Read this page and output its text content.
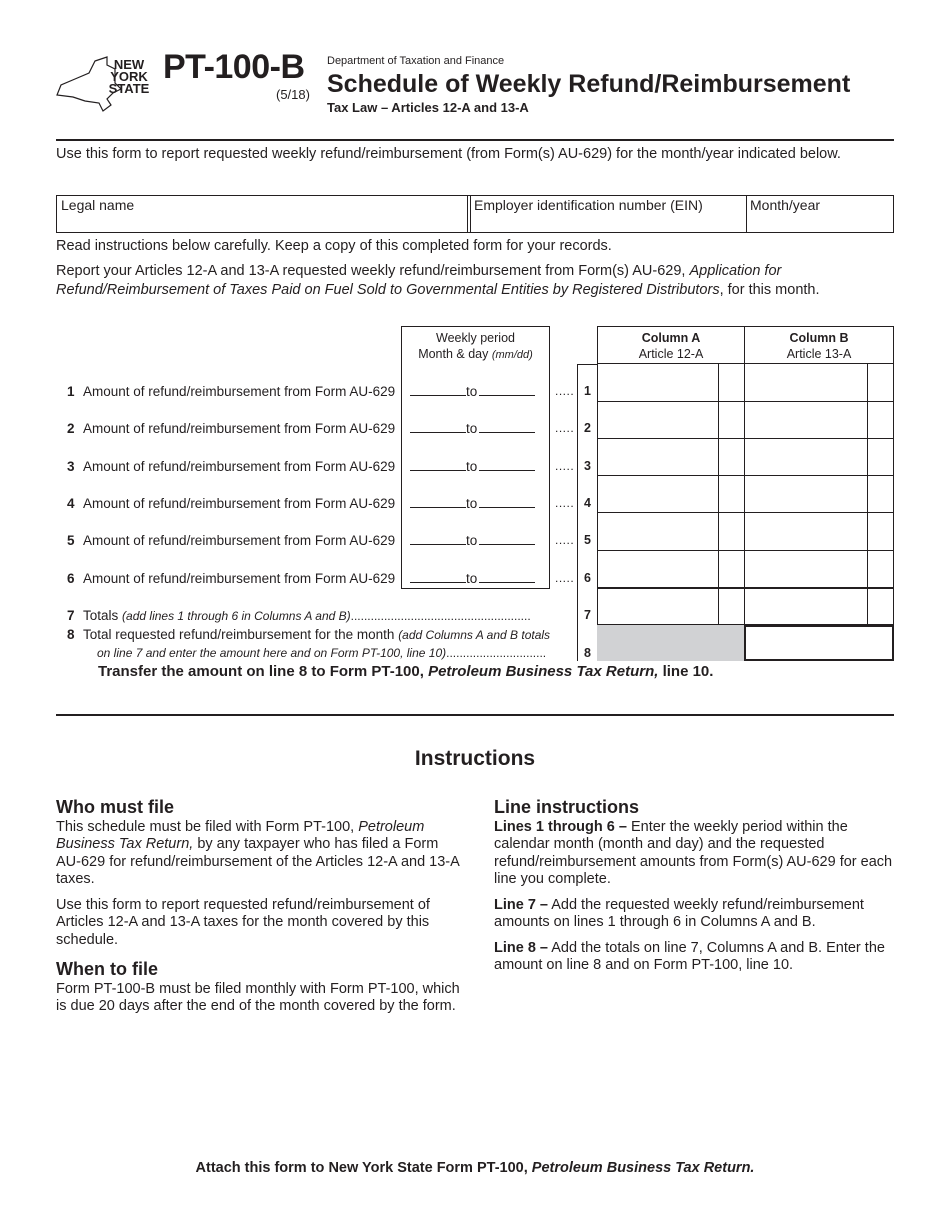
NEW
YORK
STATE
PT-100-B
(5/18)
Department of Taxation and Finance
Schedule of Weekly Refund/Reimbursement
Tax Law – Articles 12-A and 13-A
Use this form to report requested weekly refund/reimbursement (from Form(s) AU-629) for the month/year indicated below.
Legal name	Employer identification number (EIN)	Month/year
Read instructions below carefully. Keep a copy of this completed form for your records.
Report your Articles 12-A and 13-A requested weekly refund/reimbursement from Form(s) AU-629, Application for Refund/Reimbursement of Taxes Paid on Fuel Sold to Governmental Entities by Registered Distributors, for this month.
Weekly period
Month & day (mm/dd)
Column A
Article 12-A
Column B
Article 13-A
1 Amount of refund/reimbursement from Form AU-629	to	..... 1
2 Amount of refund/reimbursement from Form AU-629	to	..... 2
3 Amount of refund/reimbursement from Form AU-629	to	..... 3
4 Amount of refund/reimbursement from Form AU-629	to	..... 4
5 Amount of refund/reimbursement from Form AU-629	to	..... 5
6 Amount of refund/reimbursement from Form AU-629	to	..... 6
7 Totals (add lines 1 through 6 in Columns A and B)......................................................	7
8 Total requested refund/reimbursement for the month (add Columns A and B totals
on line 7 and enter the amount here and on Form PT-100, line 10)..............................	8
Transfer the amount on line 8 to Form PT-100, Petroleum Business Tax Return, line 10.
Instructions
Who must file

This schedule must be filed with Form PT-100, Petroleum Business Tax Return, by any taxpayer who has filed a Form AU-629 for refund/reimbursement of the Articles 12-A and 13-A taxes.

Use this form to report requested refund/reimbursement of Articles 12-A and 13-A taxes for the month covered by this schedule.

When to file

Form PT-100-B must be filed monthly with Form PT-100, which is due 20 days after the end of the month covered by the form.

Line instructions

Lines 1 through 6 – Enter the weekly period within the calendar month (month and day) and the requested refund/reimbursement amounts from Form(s) AU-629 for each line you complete.

Line 7 – Add the requested weekly refund/reimbursement amounts on lines 1 through 6 in Columns A and B.

Line 8 – Add the totals on line 7, Columns A and B. Enter the amount on line 8 and on Form PT-100, line 10.

Attach this form to New York State Form PT-100, Petroleum Business Tax Return.
